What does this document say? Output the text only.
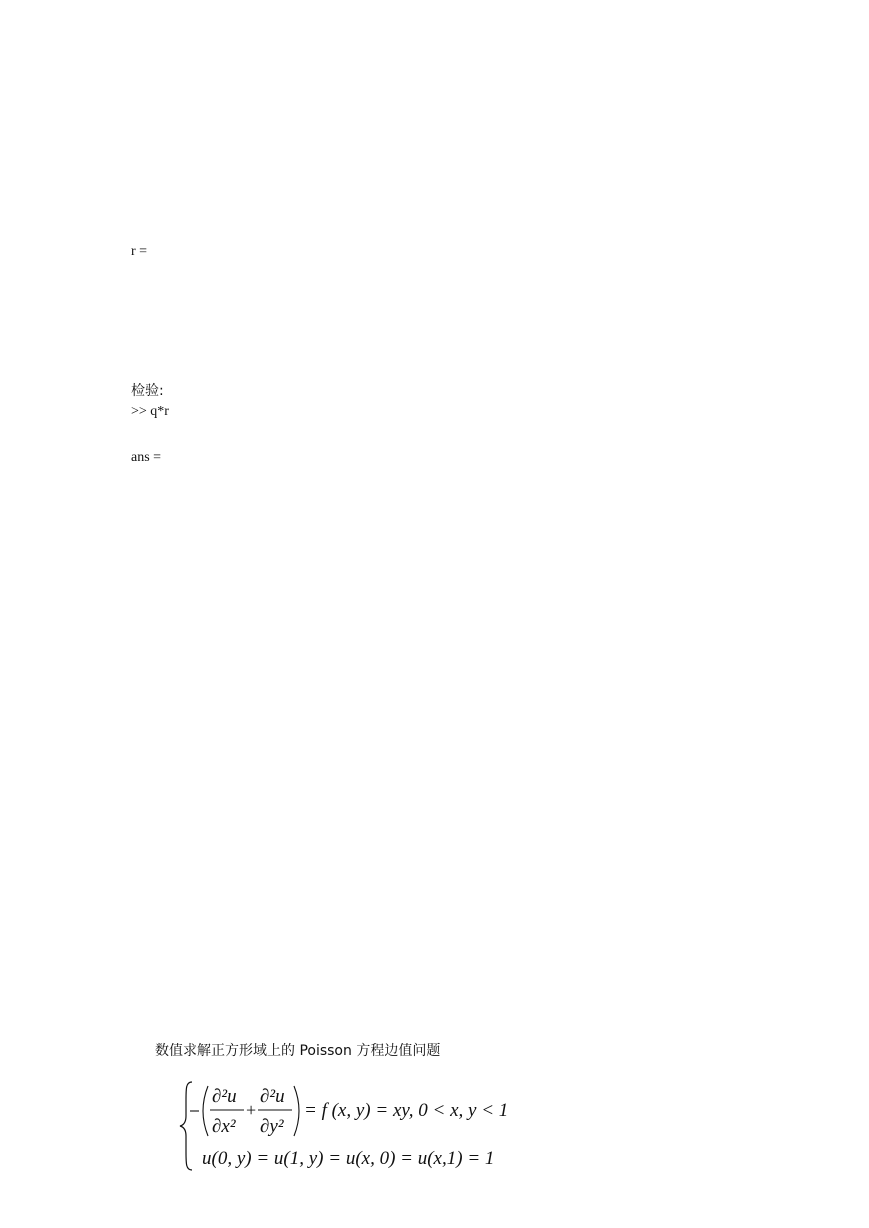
r =
检验:
>> q*r
ans =
数值求解正方形域上的 Poisson 方程边值问题
∂²u
∂x²
+
∂²u
∂y²
= f (x, y) = xy, 0 < x, y < 1
u(0, y) = u(1, y) = u(x, 0) = u(x,1) = 1
